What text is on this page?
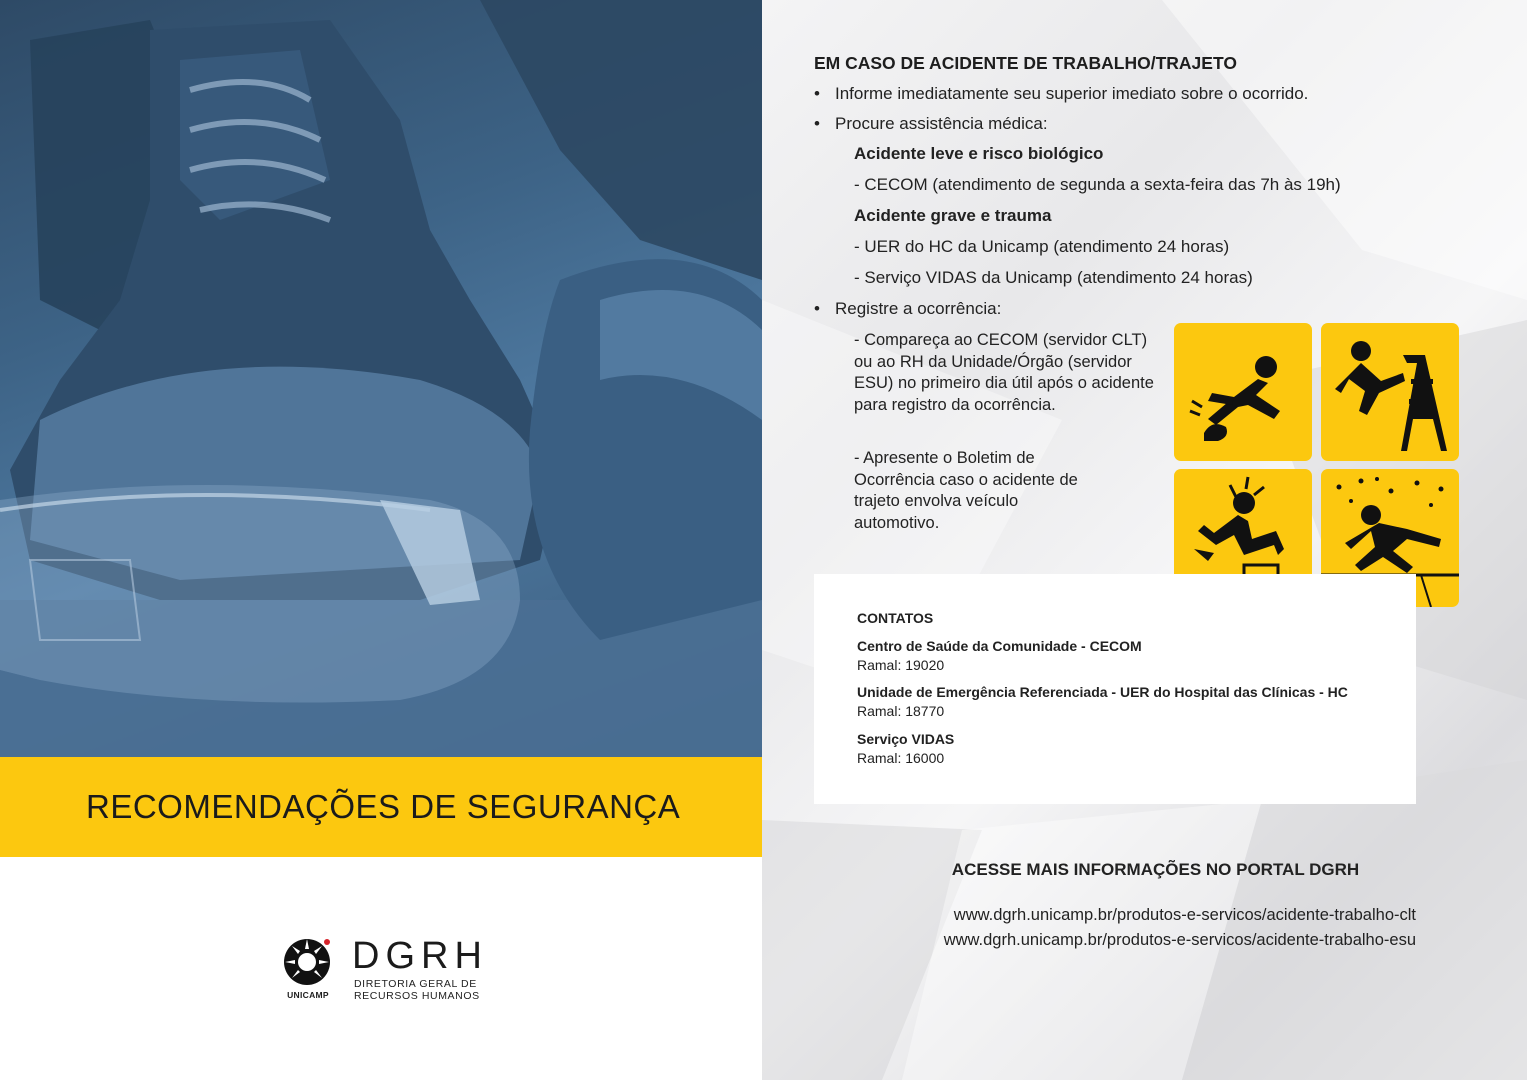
RECOMENDAÇÕES DE SEGURANÇA
UNICAMP
DGRH
DIRETORIA GERAL DE
RECURSOS HUMANOS
EM CASO DE ACIDENTE DE TRABALHO/TRAJETO
• Informe imediatamente seu superior imediato sobre o ocorrido.
• Procure assistência médica:
Acidente leve e risco biológico
- CECOM (atendimento de segunda a sexta-feira das 7h às 19h)
Acidente grave e trauma
- UER do HC da Unicamp (atendimento 24 horas)
- Serviço VIDAS da Unicamp (atendimento 24 horas)
• Registre a ocorrência:
- Compareça ao CECOM (servidor CLT) ou ao RH da Unidade/Órgão (servidor ESU) no primeiro dia útil após o acidente para registro da ocorrência.
- Apresente o Boletim de Ocorrência caso o acidente de trajeto envolva veículo automotivo.
CONTATOS
Centro de Saúde da Comunidade - CECOM
Ramal: 19020
Unidade de Emergência Referenciada - UER do Hospital das Clínicas - HC
Ramal: 18770
Serviço VIDAS
Ramal: 16000
ACESSE MAIS INFORMAÇÕES NO PORTAL DGRH
www.dgrh.unicamp.br/produtos-e-servicos/acidente-trabalho-clt
www.dgrh.unicamp.br/produtos-e-servicos/acidente-trabalho-esu
